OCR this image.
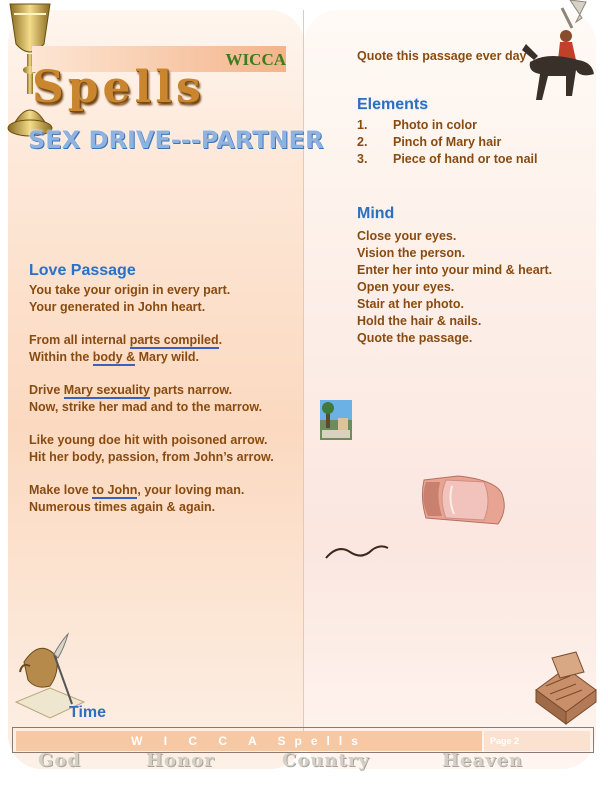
WICCA
Spells
SEX DRIVE---PARTNER
Love Passage
You take your origin in every part.
Your generated in John heart.
From all internal parts compiled.
Within the body & Mary wild.
Drive Mary sexuality parts narrow.
Now, strike her mad and to the marrow.
Like young doe hit with poisoned arrow.
Hit her body, passion, from John’s arrow.
Make love to John, your loving man.
Numerous times again & again.
Time
Quote this passage ever day
Elements
1.	Photo in color
2.	Pinch of Mary hair
3.	Piece of hand or toe nail
Mind
Close your eyes.
Vision the person.
Enter her into your mind & heart.
Open your eyes.
Stair at her photo.
Hold the hair & nails.
Quote the passage.
W I C C A Spells	Page 2
God	Honor	Country	Heaven
